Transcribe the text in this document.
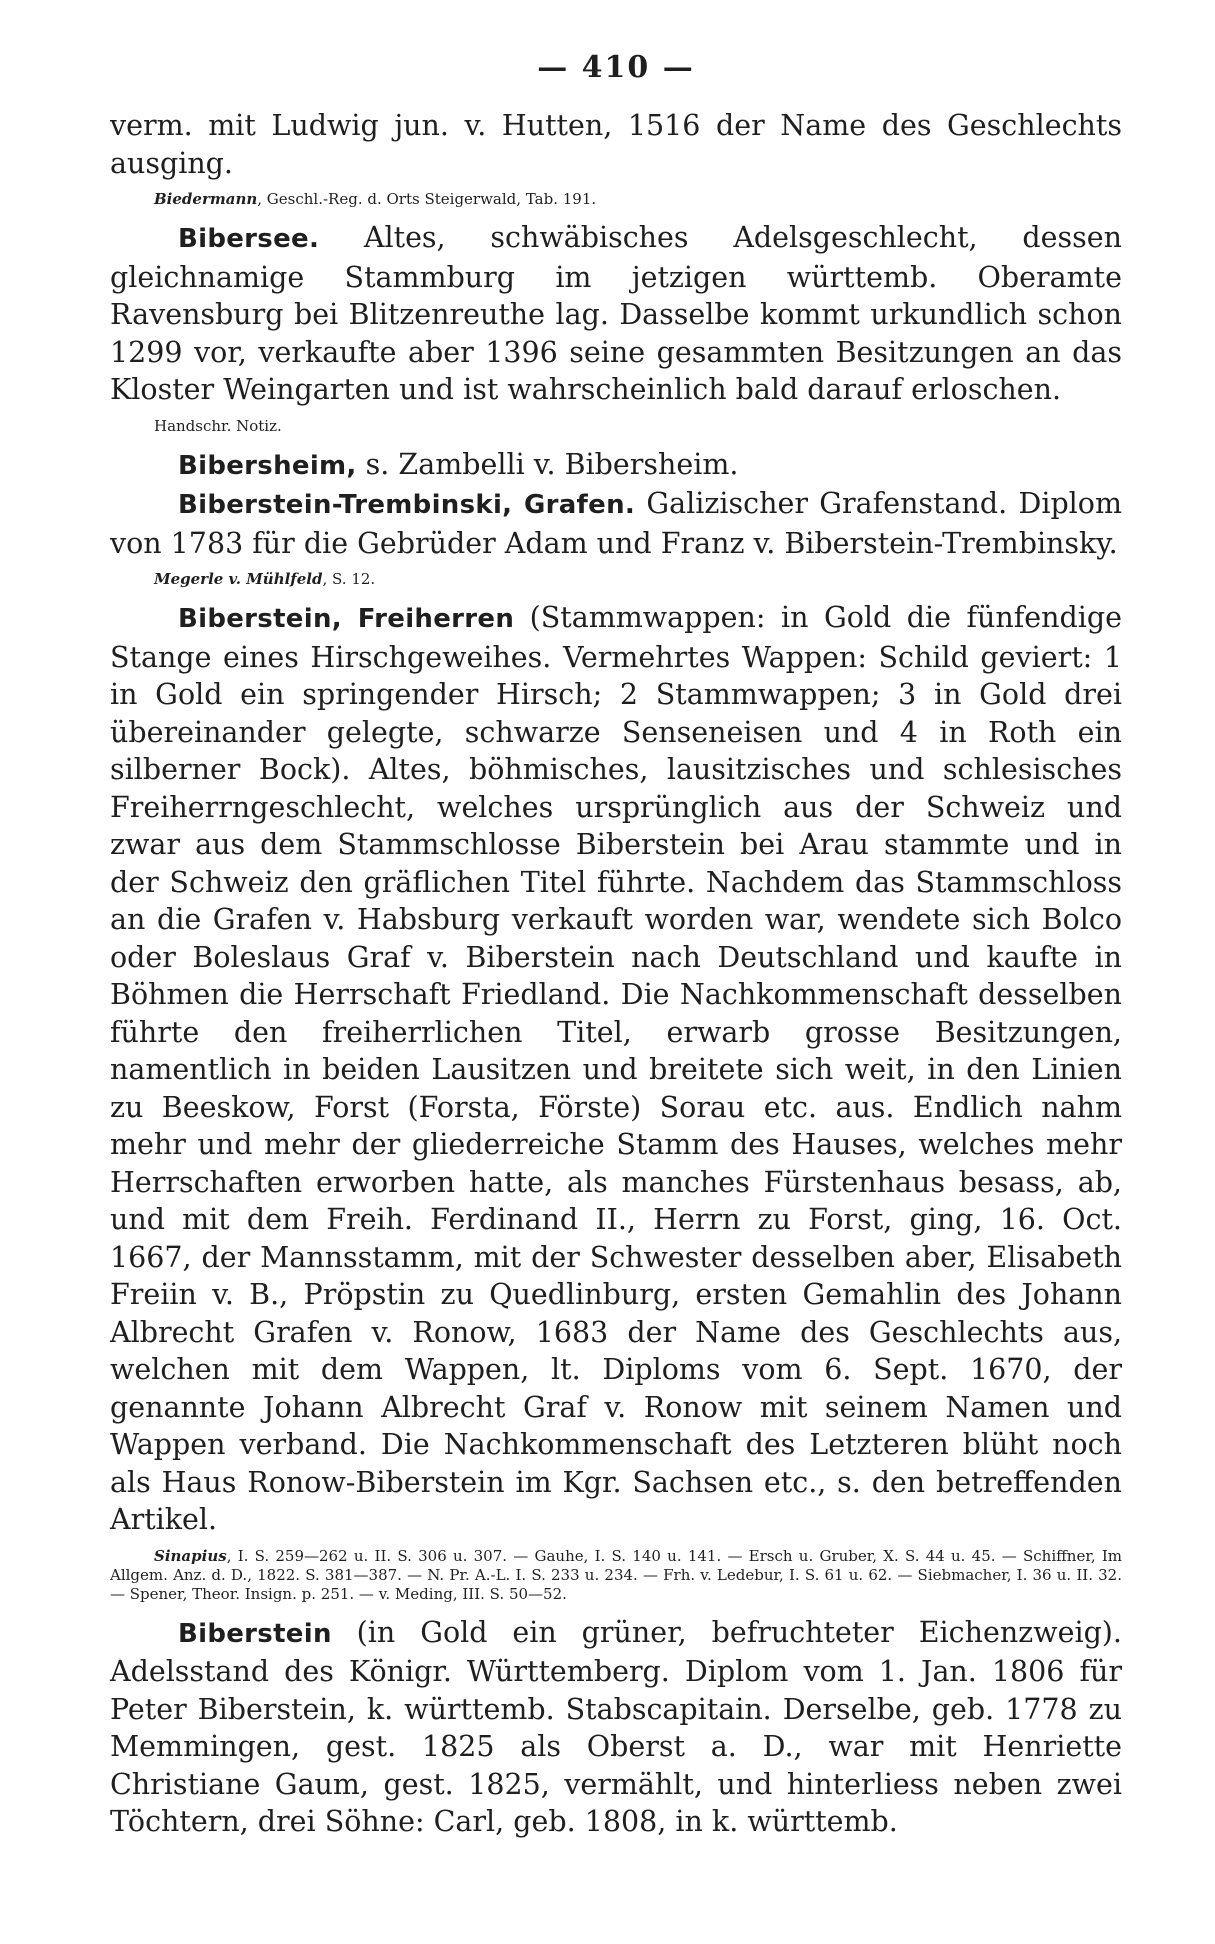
— 410 —

verm. mit Ludwig jun. v. Hutten, 1516 der Name des Geschlechts ausging.

Biedermann, Geschl.-Reg. d. Orts Steigerwald, Tab. 191.

Bibersee. Altes, schwäbisches Adelsgeschlecht, dessen gleichnamige Stammburg im jetzigen württemb. Oberamte Ravensburg bei Blitzenreuthe lag. Dasselbe kommt urkundlich schon 1299 vor, verkaufte aber 1396 seine gesammten Besitzungen an das Kloster Weingarten und ist wahrscheinlich bald darauf erloschen.

Handschr. Notiz.

Bibersheim, s. Zambelli v. Bibersheim.

Biberstein-Trembinski, Grafen. Galizischer Grafenstand. Diplom von 1783 für die Gebrüder Adam und Franz v. Biberstein-Trembinsky.

Megerle v. Mühlfeld, S. 12.

Biberstein, Freiherren (Stammwappen: in Gold die fünfendige Stange eines Hirschgeweihes. Vermehrtes Wappen: Schild geviert: 1 in Gold ein springender Hirsch; 2 Stammwappen; 3 in Gold drei übereinander gelegte, schwarze Senseneisen und 4 in Roth ein silberner Bock). Altes, böhmisches, lausitzisches und schlesisches Freiherrngeschlecht, welches ursprünglich aus der Schweiz und zwar aus dem Stammschlosse Biberstein bei Arau stammte und in der Schweiz den gräflichen Titel führte. Nachdem das Stammschloss an die Grafen v. Habsburg verkauft worden war, wendete sich Bolco oder Boleslaus Graf v. Biberstein nach Deutschland und kaufte in Böhmen die Herrschaft Friedland. Die Nachkommenschaft desselben führte den freiherrlichen Titel, erwarb grosse Besitzungen, namentlich in beiden Lausitzen und breitete sich weit, in den Linien zu Beeskow, Forst (Forsta, Förste) Sorau etc. aus. Endlich nahm mehr und mehr der gliederreiche Stamm des Hauses, welches mehr Herrschaften erworben hatte, als manches Fürstenhaus besass, ab, und mit dem Freih. Ferdinand II., Herrn zu Forst, ging, 16. Oct. 1667, der Mannsstamm, mit der Schwester desselben aber, Elisabeth Freiin v. B., Pröpstin zu Quedlinburg, ersten Gemahlin des Johann Albrecht Grafen v. Ronow, 1683 der Name des Geschlechts aus, welchen mit dem Wappen, lt. Diploms vom 6. Sept. 1670, der genannte Johann Albrecht Graf v. Ronow mit seinem Namen und Wappen verband. Die Nachkommenschaft des Letzteren blüht noch als Haus Ronow-Biberstein im Kgr. Sachsen etc., s. den betreffenden Artikel.

Sinapius, I. S. 259—262 u. II. S. 306 u. 307. — Gauhe, I. S. 140 u. 141. — Ersch u. Gruber, X. S. 44 u. 45. — Schiffner, Im Allgem. Anz. d. D., 1822. S. 381—387. — N. Pr. A.-L. I. S. 233 u. 234. — Frh. v. Ledebur, I. S. 61 u. 62. — Siebmacher, I. 36 u. II. 32. — Spener, Theor. Insign. p. 251. — v. Meding, III. S. 50—52.

Biberstein (in Gold ein grüner, befruchteter Eichenzweig). Adelsstand des Königr. Württemberg. Diplom vom 1. Jan. 1806 für Peter Biberstein, k. württemb. Stabscapitain. Derselbe, geb. 1778 zu Memmingen, gest. 1825 als Oberst a. D., war mit Henriette Christiane Gaum, gest. 1825, vermählt, und hinterliess neben zwei Töchtern, drei Söhne: Carl, geb. 1808, in k. württemb.
